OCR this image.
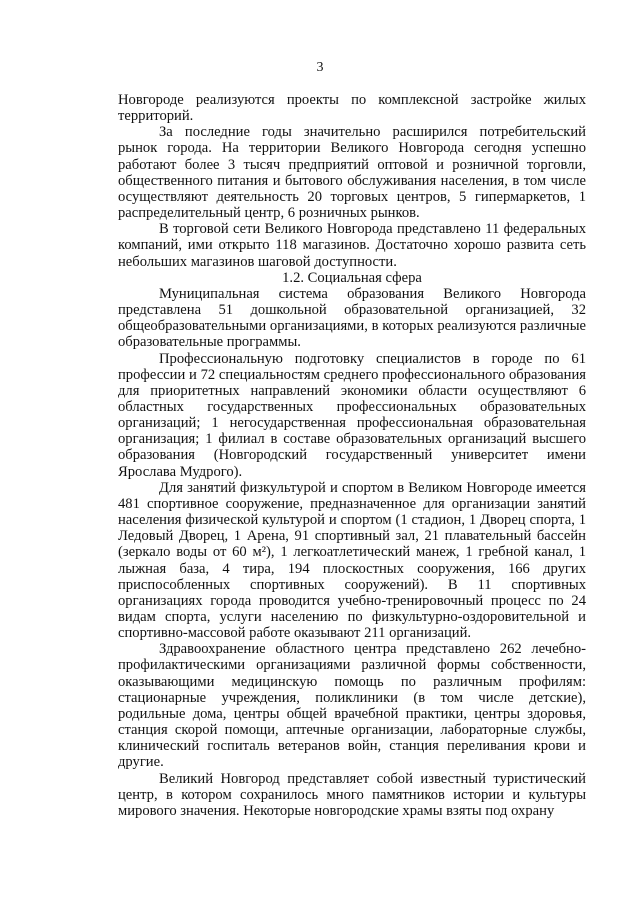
3

Новгороде реализуются проекты по комплексной застройке жилых территорий.

За последние годы значительно расширился потребительский рынок города. На территории Великого Новгорода сегодня успешно работают более 3 тысяч предприятий оптовой и розничной торговли, общественного питания и бытового обслуживания населения, в том числе осуществляют деятельность 20 торговых центров, 5 гипермаркетов, 1 распределительный центр, 6 розничных рынков.

В торговой сети Великого Новгорода представлено 11 федеральных компаний, ими открыто 118 магазинов. Достаточно хорошо развита сеть небольших магазинов шаговой доступности.

1.2. Социальная сфера

Муниципальная система образования Великого Новгорода представлена 51 дошкольной образовательной организацией, 32 общеобразовательными организациями, в которых реализуются различные образовательные программы.

Профессиональную подготовку специалистов в городе по 61 профессии и 72 специальностям среднего профессионального образования для приоритетных направлений экономики области осуществляют 6 областных государственных профессиональных образовательных организаций; 1 негосударственная профессиональная образовательная организация; 1 филиал в составе образовательных организаций высшего образования (Новгородский государственный университет имени Ярослава Мудрого).

Для занятий физкультурой и спортом в Великом Новгороде имеется 481 спортивное сооружение, предназначенное для организации занятий населения физической культурой и спортом (1 стадион, 1 Дворец спорта, 1 Ледовый Дворец, 1 Арена, 91 спортивный зал, 21 плавательный бассейн (зеркало воды от 60 м²), 1 легкоатлетический манеж, 1 гребной канал, 1 лыжная база, 4 тира, 194 плоскостных сооружения, 166 других приспособленных спортивных сооружений). В 11 спортивных организациях города проводится учебно-тренировочный процесс по 24 видам спорта, услуги населению по физкультурно-оздоровительной и спортивно-массовой работе оказывают 211 организаций.

Здравоохранение областного центра представлено 262 лечебно-профилактическими организациями различной формы собственности, оказывающими медицинскую помощь по различным профилям: стационарные учреждения, поликлиники (в том числе детские), родильные дома, центры общей врачебной практики, центры здоровья, станция скорой помощи, аптечные организации, лабораторные службы, клинический госпиталь ветеранов войн, станция переливания крови и другие.

Великий Новгород представляет собой известный туристический центр, в котором сохранилось много памятников истории и культуры мирового значения. Некоторые новгородские храмы взяты под охрану
